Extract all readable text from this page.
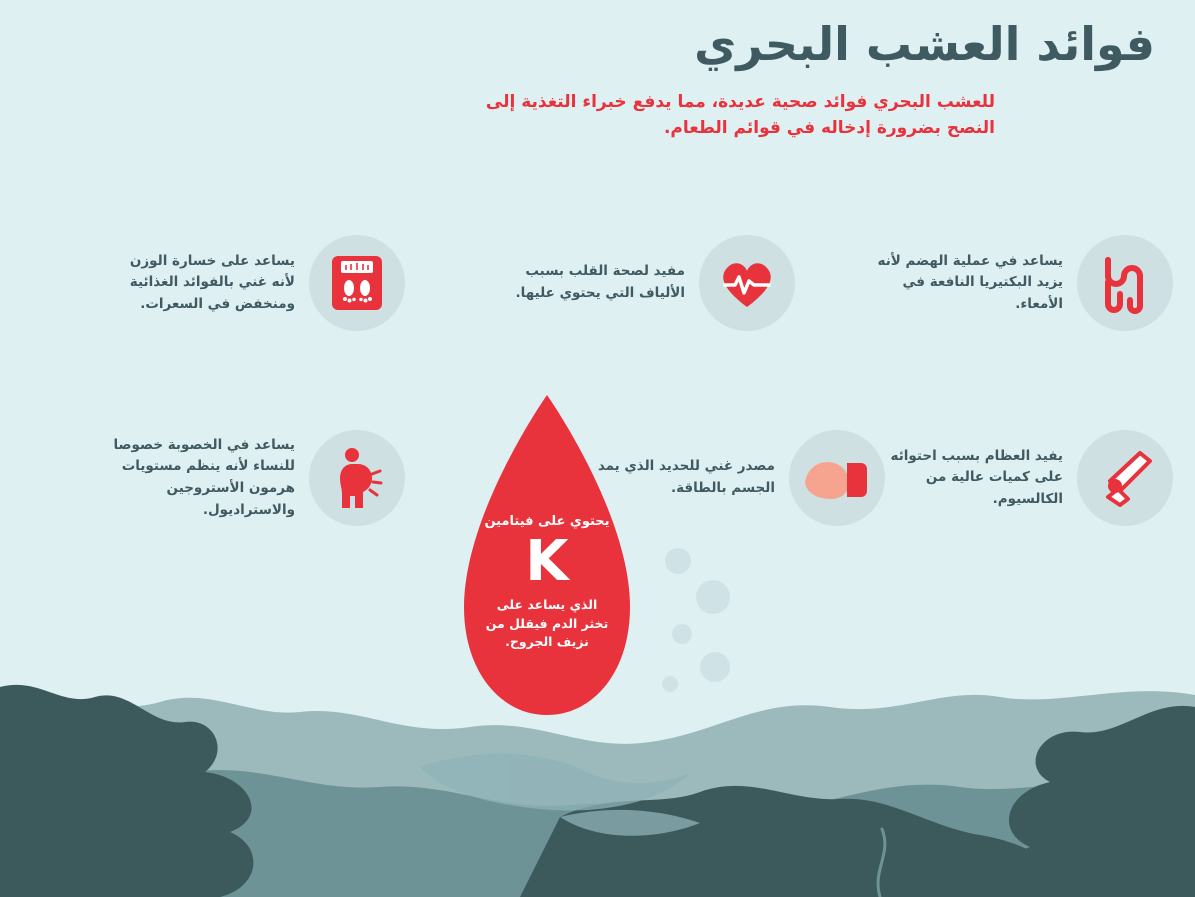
فوائد العشب البحري

للعشب البحري فوائد صحية عديدة، مما يدفع خبراء التغذية إلى النصح بضرورة إدخاله في قوائم الطعام.

يساعد في عملية الهضم لأنه يزيد البكتيريا النافعة في الأمعاء.
مفيد لصحة القلب بسبب الألياف التي يحتوي عليها.
يساعد على خسارة الوزن لأنه غني بالفوائد الغذائية ومنخفض في السعرات.
يفيد العظام بسبب احتوائه على كميات عالية من الكالسيوم.
مصدر غني للحديد الذي يمد الجسم بالطاقة.
يساعد في الخصوبة خصوصا للنساء لأنه ينظم مستويات هرمون الأستروجين والاستراديول.
يحتوي على فيتامين
K
الذي يساعد على تخثر الدم فيقلل من نزيف الجروح.
